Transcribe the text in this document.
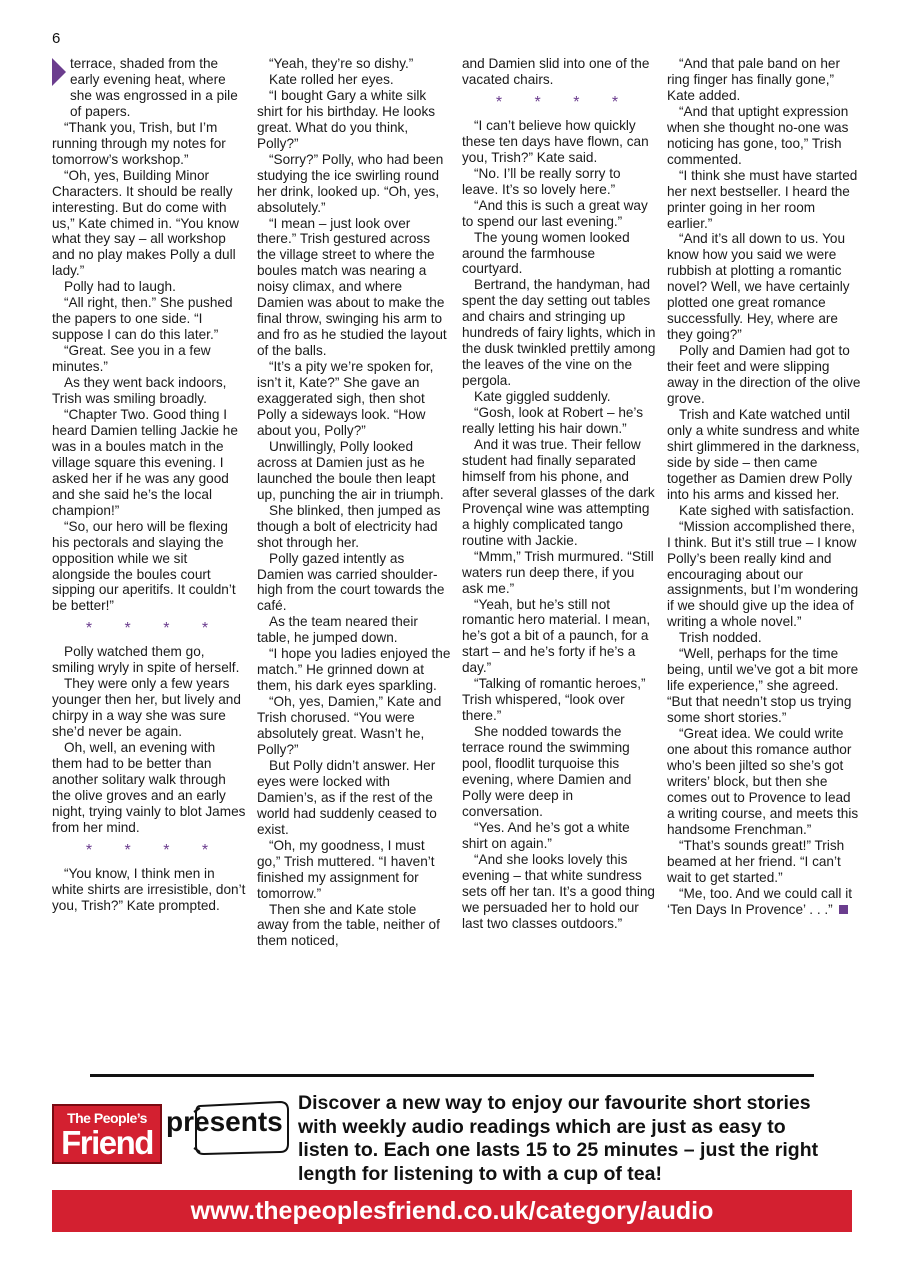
6

terrace, shaded from the early evening heat, where she was engrossed in a pile of papers.

“Thank you, Trish, but I’m running through my notes for tomorrow’s workshop.”

“Oh, yes, Building Minor Characters. It should be really interesting. But do come with us,” Kate chimed in. “You know what they say – all workshop and no play makes Polly a dull lady.”

Polly had to laugh.

“All right, then.” She pushed the papers to one side. “I suppose I can do this later.”

“Great. See you in a few minutes.”

As they went back indoors, Trish was smiling broadly.

“Chapter Two. Good thing I heard Damien telling Jackie he was in a boules match in the village square this evening. I asked her if he was any good and she said he’s the local champion!”

“So, our hero will be flexing his pectorals and slaying the opposition while we sit alongside the boules court sipping our aperitifs. It couldn’t be better!”

* * * *

Polly watched them go, smiling wryly in spite of herself.

They were only a few years younger then her, but lively and chirpy in a way she was sure she’d never be again.

Oh, well, an evening with them had to be better than another solitary walk through the olive groves and an early night, trying vainly to blot James from her mind.

* * * *

“You know, I think men in white shirts are irresistible, don’t you, Trish?” Kate prompted.

“Yeah, they’re so dishy.”

Kate rolled her eyes.

“I bought Gary a white silk shirt for his birthday. He looks great. What do you think, Polly?”

“Sorry?” Polly, who had been studying the ice swirling round her drink, looked up. “Oh, yes, absolutely.”

“I mean – just look over there.” Trish gestured across the village street to where the boules match was nearing a noisy climax, and where Damien was about to make the final throw, swinging his arm to and fro as he studied the layout of the balls.

“It’s a pity we’re spoken for, isn’t it, Kate?” She gave an exaggerated sigh, then shot Polly a sideways look. “How about you, Polly?”

Unwillingly, Polly looked across at Damien just as he launched the boule then leapt up, punching the air in triumph.

She blinked, then jumped as though a bolt of electricity had shot through her.

Polly gazed intently as Damien was carried shoulder-high from the court towards the café.

As the team neared their table, he jumped down.

“I hope you ladies enjoyed the match.” He grinned down at them, his dark eyes sparkling.

“Oh, yes, Damien,” Kate and Trish chorused. “You were absolutely great. Wasn’t he, Polly?”

But Polly didn’t answer. Her eyes were locked with Damien’s, as if the rest of the world had suddenly ceased to exist.

“Oh, my goodness, I must go,” Trish muttered. “I haven’t finished my assignment for tomorrow.”

Then she and Kate stole away from the table, neither of them noticed,

and Damien slid into one of the vacated chairs.

* * * *

“I can’t believe how quickly these ten days have flown, can you, Trish?” Kate said.

“No. I’ll be really sorry to leave. It’s so lovely here.”

“And this is such a great way to spend our last evening.”

The young women looked around the farmhouse courtyard.

Bertrand, the handyman, had spent the day setting out tables and chairs and stringing up hundreds of fairy lights, which in the dusk twinkled prettily among the leaves of the vine on the pergola.

Kate giggled suddenly.

“Gosh, look at Robert – he’s really letting his hair down.”

And it was true. Their fellow student had finally separated himself from his phone, and after several glasses of the dark Provençal wine was attempting a highly complicated tango routine with Jackie.

“Mmm,” Trish murmured. “Still waters run deep there, if you ask me.”

“Yeah, but he’s still not romantic hero material. I mean, he’s got a bit of a paunch, for a start – and he’s forty if he’s a day.”

“Talking of romantic heroes,” Trish whispered, “look over there.”

She nodded towards the terrace round the swimming pool, floodlit turquoise this evening, where Damien and Polly were deep in conversation.

“Yes. And he’s got a white shirt on again.”

“And she looks lovely this evening – that white sundress sets off her tan. It’s a good thing we persuaded her to hold our last two classes outdoors.”

“And that pale band on her ring finger has finally gone,” Kate added.

“And that uptight expression when she thought no-one was noticing has gone, too,” Trish commented.

“I think she must have started her next bestseller. I heard the printer going in her room earlier.”

“And it’s all down to us. You know how you said we were rubbish at plotting a romantic novel? Well, we have certainly plotted one great romance successfully. Hey, where are they going?”

Polly and Damien had got to their feet and were slipping away in the direction of the olive grove.

Trish and Kate watched until only a white sundress and white shirt glimmered in the darkness, side by side – then came together as Damien drew Polly into his arms and kissed her.

Kate sighed with satisfaction.

“Mission accomplished there, I think. But it’s still true – I know Polly’s been really kind and encouraging about our assignments, but I’m wondering if we should give up the idea of writing a whole novel.”

Trish nodded.

“Well, perhaps for the time being, until we’ve got a bit more life experience,” she agreed. “But that needn’t stop us trying some short stories.”

“Great idea. We could write one about this romance author who’s been jilted so she’s got writers’ block, but then she comes out to Provence to lead a writing course, and meets this handsome Frenchman.”

“That’s sounds great!” Trish beamed at her friend. “I can’t wait to get started.”

“Me, too. And we could call it ‘Ten Days In Provence’ . . .”

The People’s
Friend
presents
Discover a new way to enjoy our favourite short stories with weekly audio readings which are just as easy to listen to. Each one lasts 15 to 25 minutes – just the right length for listening to with a cup of tea!
www.thepeoplesfriend.co.uk/category/audio
